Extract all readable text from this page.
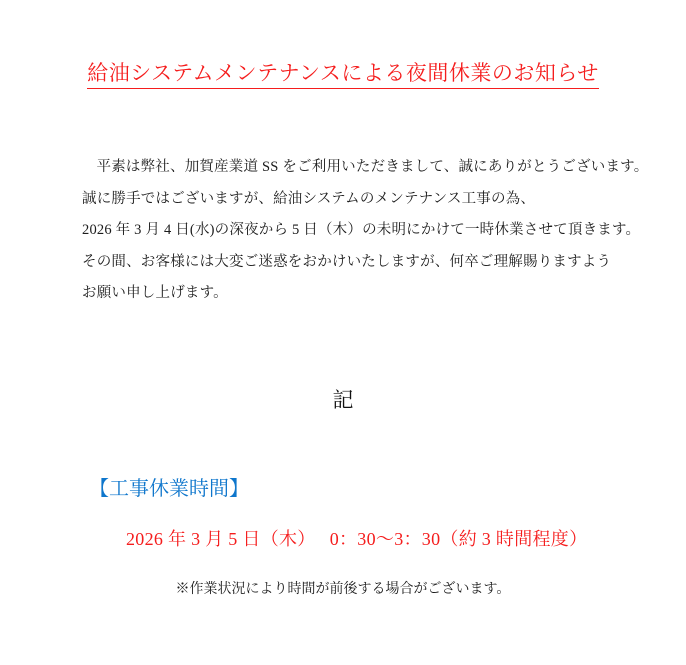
給油システムメンテナンスによる夜間休業のお知らせ
平素は弊社、加賀産業道 SS をご利用いただきまして、誠にありがとうございます。
誠に勝手ではございますが、給油システムのメンテナンス工事の為、
2026 年 3 月 4 日(水)の深夜から 5 日（木）の未明にかけて一時休業させて頂きます。
その間、お客様には大変ご迷惑をおかけいたしますが、何卒ご理解賜りますよう
お願い申し上げます。
記
【工事休業時間】
2026 年 3 月 5 日（木）　 0：30～3：30（約 3 時間程度）
※作業状況により時間が前後する場合がございます。
